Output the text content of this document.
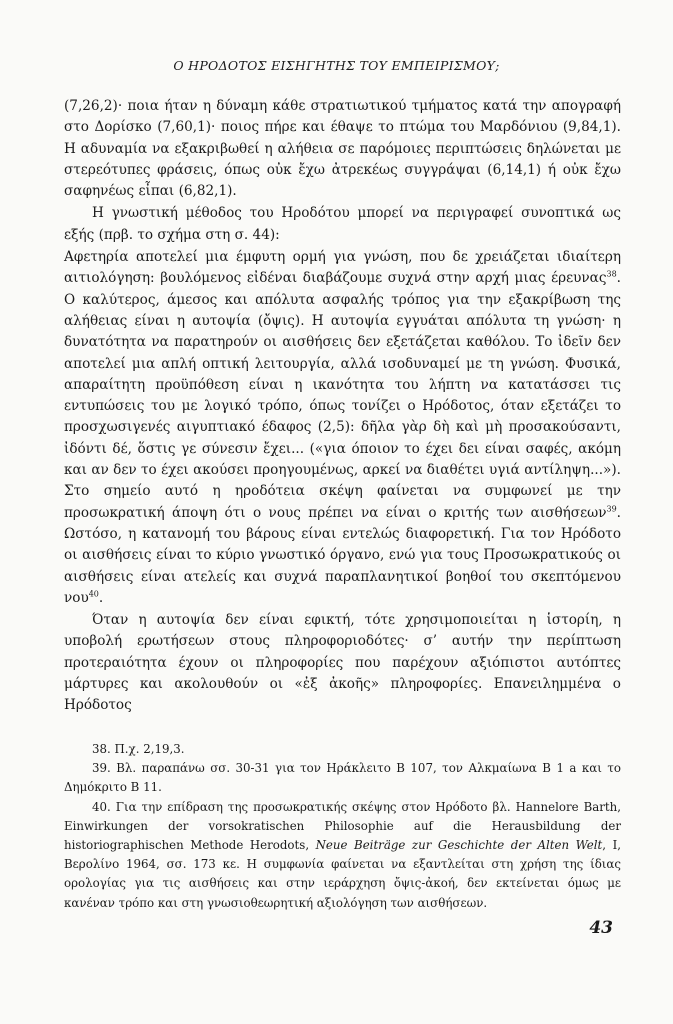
Ο ΗΡΟΔΟΤΟΣ ΕΙΣΗΓΗΤΗΣ ΤΟΥ ΕΜΠΕΙΡΙΣΜΟΥ;

(7,26,2)· ποια ήταν η δύναμη κάθε στρατιωτικού τμήματος κατά την απογραφή στο Δορίσκο (7,60,1)· ποιος πήρε και έθαψε το πτώμα του Μαρδόνιου (9,84,1). Η αδυναμία να εξακριβωθεί η αλήθεια σε παρόμοιες περιπτώσεις δηλώνεται με στερεότυπες φράσεις, όπως οὐκ ἔχω ἀτρεκέως συγγράψαι (6,14,1) ή οὐκ ἔχω σαφηνέως εἶπαι (6,82,1).

Η γνωστική μέθοδος του Ηροδότου μπορεί να περιγραφεί συνοπτικά ως εξής (πρβ. το σχήμα στη σ. 44):

Αφετηρία αποτελεί μια έμφυτη ορμή για γνώση, που δε χρειάζεται ιδιαίτερη αιτιολόγηση: βουλόμενος εἰδέναι διαβάζουμε συχνά στην αρχή μιας έρευνας$^{38}$. Ο καλύτερος, άμεσος και απόλυτα ασφαλής τρόπος για την εξακρίβωση της αλήθειας είναι η αυτοψία (ὄψις). Η αυτοψία εγγυάται απόλυτα τη γνώση· η δυνατότητα να παρατηρούν οι αισθήσεις δεν εξετάζεται καθόλου. Το ἰδεῖν δεν αποτελεί μια απλή οπτική λειτουργία, αλλά ισοδυναμεί με τη γνώση. Φυσικά, απαραίτητη προϋπόθεση είναι η ικανότητα του λήπτη να κατατάσσει τις εντυπώσεις του με λογικό τρόπο, όπως τονίζει ο Ηρόδοτος, όταν εξετάζει το προσχωσιγενές αιγυπτιακό έδαφος (2,5): δῆλα γὰρ δὴ καὶ μὴ προσακούσαντι, ἰδόντι δέ, ὅστις γε σύνεσιν ἔχει... («για όποιον το έχει δει είναι σαφές, ακόμη και αν δεν το έχει ακούσει προηγουμένως, αρκεί να διαθέτει υγιά αντίληψη...»). Στο σημείο αυτό η ηροδότεια σκέψη φαίνεται να συμφωνεί με την προσωκρατική άποψη ότι ο νους πρέπει να είναι ο κριτής των αισθήσεων$^{39}$. Ωστόσο, η κατανομή του βάρους είναι εντελώς διαφορετική. Για τον Ηρόδοτο οι αισθήσεις είναι το κύριο γνωστικό όργανο, ενώ για τους Προσωκρατικούς οι αισθήσεις είναι ατελείς και συχνά παραπλανητικοί βοηθοί του σκεπτόμενου νου$^{40}$.

Όταν η αυτοψία δεν είναι εφικτή, τότε χρησιμοποιείται η ἱστορίη, η υποβολή ερωτήσεων στους πληροφοριοδότες· σ’ αυτήν την περίπτωση προτεραιότητα έχουν οι πληροφορίες που παρέχουν αξιόπιστοι αυτόπτες μάρτυρες και ακολουθούν οι «ἐξ ἀκοῆς» πληροφορίες. Επανειλημμένα ο Ηρόδοτος

38. Π.χ. 2,19,3.

39. Βλ. παραπάνω σσ. 30-31 για τον Ηράκλειτο Β 107, τον Αλκμαίωνα Β 1 a και το Δημόκριτο Β 11.

40. Για την επίδραση της προσωκρατικής σκέψης στον Ηρόδοτο βλ. Hannelore Barth, Einwirkungen der vorsokratischen Philosophie auf die Herausbildung der historiographischen Methode Herodots, Neue Beiträge zur Geschichte der Alten Welt, I, Βερολίνο 1964, σσ. 173 κε. Η συμφωνία φαίνεται να εξαντλείται στη χρήση της ίδιας ορολογίας για τις αισθήσεις και στην ιεράρχηση ὄψις-ἀκοή, δεν εκτείνεται όμως με κανέναν τρόπο και στη γνωσιοθεωρητική αξιολόγηση των αισθήσεων.

43
